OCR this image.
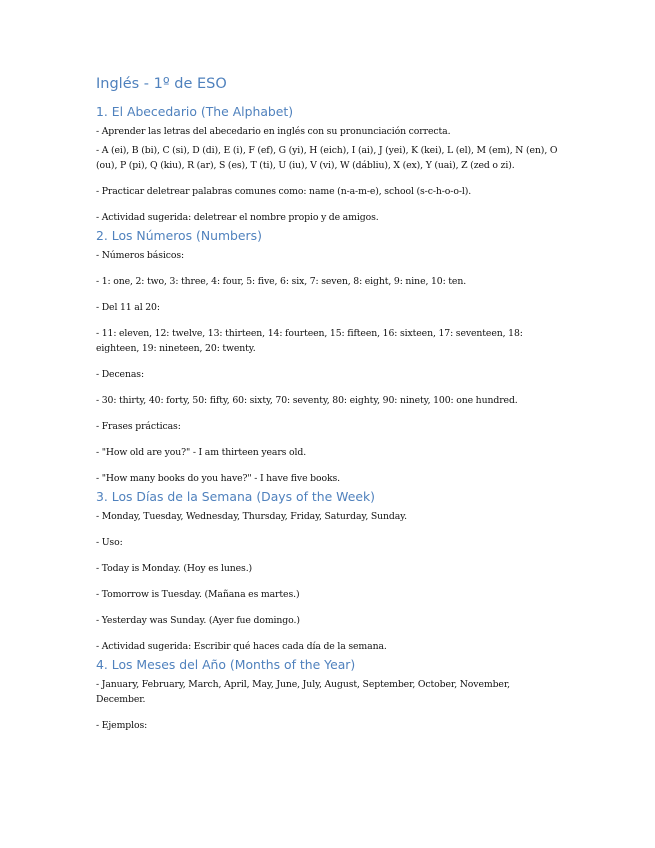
Inglés - 1º de ESO
1. El Abecedario (The Alphabet)

- Aprender las letras del abecedario en inglés con su pronunciación correcta.

- A (ei), B (bi), C (si), D (di), E (i), F (ef), G (yi), H (eich), I (ai), J (yei), K (kei), L (el), M (em), N (en), O (ou), P (pi), Q (kiu), R (ar), S (es), T (ti), U (iu), V (vi), W (dábliu), X (ex), Y (uai), Z (zed o zi).

- Practicar deletrear palabras comunes como: name (n-a-m-e), school (s-c-h-o-o-l).

- Actividad sugerida: deletrear el nombre propio y de amigos.

2. Los Números (Numbers)

- Números básicos:

- 1: one, 2: two, 3: three, 4: four, 5: five, 6: six, 7: seven, 8: eight, 9: nine, 10: ten.

- Del 11 al 20:

- 11: eleven, 12: twelve, 13: thirteen, 14: fourteen, 15: fifteen, 16: sixteen, 17: seventeen, 18: eighteen, 19: nineteen, 20: twenty.

- Decenas:

- 30: thirty, 40: forty, 50: fifty, 60: sixty, 70: seventy, 80: eighty, 90: ninety, 100: one hundred.

- Frases prácticas:

- "How old are you?" - I am thirteen years old.

- "How many books do you have?" - I have five books.

3. Los Días de la Semana (Days of the Week)

- Monday, Tuesday, Wednesday, Thursday, Friday, Saturday, Sunday.

- Uso:

- Today is Monday. (Hoy es lunes.)

- Tomorrow is Tuesday. (Mañana es martes.)

- Yesterday was Sunday. (Ayer fue domingo.)

- Actividad sugerida: Escribir qué haces cada día de la semana.

4. Los Meses del Año (Months of the Year)

- January, February, March, April, May, June, July, August, September, October, November, December.

- Ejemplos:
